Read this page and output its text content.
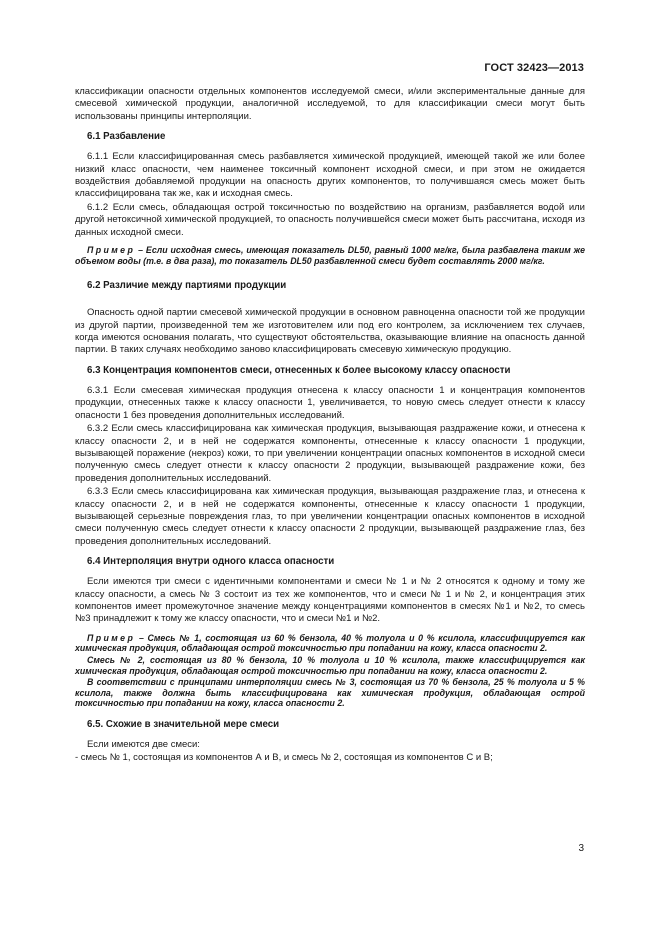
ГОСТ 32423—2013

классификации опасности отдельных компонентов исследуемой смеси, и/или экспериментальные данные для смесевой химической продукции, аналогичной исследуемой, то для классификации смеси могут быть использованы принципы интерполяции.

6.1 Разбавление

6.1.1 Если классифицированная смесь разбавляется химической продукцией, имеющей такой же или более низкий класс опасности, чем наименее токсичный компонент исходной смеси, и при этом не ожидается воздействия добавляемой продукции на опасность других компонентов, то получившаяся смесь может быть классифицирована так же, как и исходная смесь.

6.1.2 Если смесь, обладающая острой токсичностью по воздействию на организм, разбавляется водой или другой нетоксичной химической продукцией, то опасность получившейся смеси может быть рассчитана, исходя из данных исходной смеси.

Пример – Если исходная смесь, имеющая показатель DL50, равный 1000 мг/кг, была разбавлена таким же объемом воды (т.е. в два раза), то показатель DL50 разбавленной смеси будет составлять 2000 мг/кг.

6.2 Различие между партиями продукции

Опасность одной партии смесевой химической продукции в основном равноценна опасности той же продукции из другой партии, произведенной тем же изготовителем или под его контролем, за исключением тех случаев, когда имеются основания полагать, что существуют обстоятельства, оказывающие влияние на опасность данной партии. В таких случаях необходимо заново классифицировать смесевую химическую продукцию.

6.3 Концентрация компонентов смеси, отнесенных к более высокому классу опасности

6.3.1 Если смесевая химическая продукция отнесена к классу опасности 1 и концентрация компонентов продукции, отнесенных также к классу опасности 1, увеличивается, то новую смесь следует отнести к классу опасности 1 без проведения дополнительных исследований.

6.3.2 Если смесь классифицирована как химическая продукция, вызывающая раздражение кожи, и отнесена к классу опасности 2, и в ней не содержатся компоненты, отнесенные к классу опасности 1 продукции, вызывающей поражение (некроз) кожи, то при увеличении концентрации опасных компонентов в исходной смеси полученную смесь следует отнести к классу опасности 2 продукции, вызывающей раздражение кожи, без проведения дополнительных исследований.

6.3.3 Если смесь классифицирована как химическая продукция, вызывающая раздражение глаз, и отнесена к классу опасности 2, и в ней не содержатся компоненты, отнесенные к классу опасности 1 продукции, вызывающей серьезные повреждения глаз, то при увеличении концентрации опасных компонентов в исходной смеси полученную смесь следует отнести к классу опасности 2 продукции, вызывающей раздражение глаз, без проведения дополнительных исследований.

6.4 Интерполяция внутри одного класса опасности

Если имеются три смеси с идентичными компонентами и смеси № 1 и № 2 относятся к одному и тому же классу опасности, а смесь № 3 состоит из тех же компонентов, что и смеси № 1 и № 2, и концентрация этих компонентов имеет промежуточное значение между концентрациями компонентов в смесях №1 и №2, то смесь №3 принадлежит к тому же классу опасности, что и смеси №1 и №2.

Пример – Смесь № 1, состоящая из 60 % бензола, 40 % толуола и 0 % ксилола, классифицируется как химическая продукция, обладающая острой токсичностью при попадании на кожу, класса опасности 2.

Смесь № 2, состоящая из 80 % бензола, 10 % толуола и 10 % ксилола, также классифицируется как химическая продукция, обладающая острой токсичностью при попадании на кожу, класса опасности 2.

В соответствии с принципами интерполяции смесь № 3, состоящая из 70 % бензола, 25 % толуола и 5 % ксилола, также должна быть классифицирована как химическая продукция, обладающая острой токсичностью при попадании на кожу, класса опасности 2.

6.5. Схожие в значительной мере смеси

Если имеются две смеси:

- смесь № 1, состоящая из компонентов А и В, и смесь № 2, состоящая из компонентов С и В;

3
